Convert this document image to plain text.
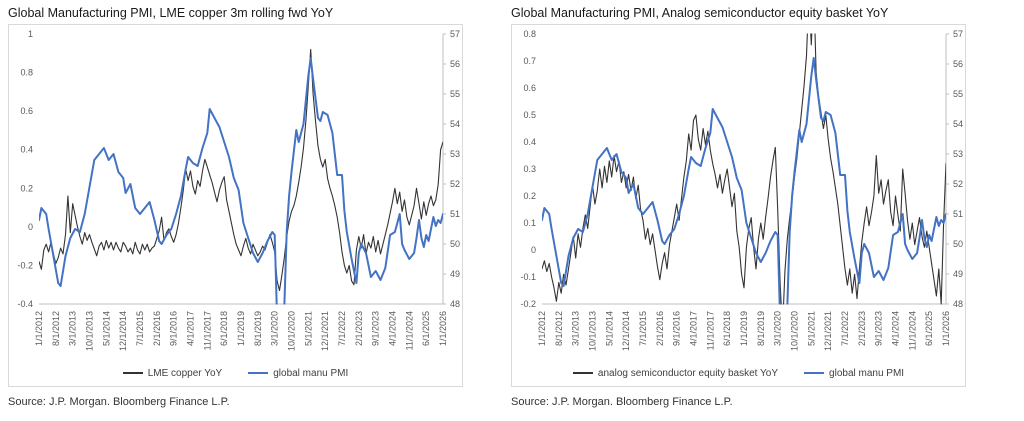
Global Manufacturing PMI, LME copper 3m rolling fwd YoY
1
0.8
0.6
0.4
0.2
0
-0.2
-0.4
57
56
55
54
53
52
51
50
49
48
1/1/2012 8/1/2012 3/1/2013 10/1/2013 5/1/2014 12/1/2014 7/1/2015 2/1/2016 9/1/2016 4/1/2017 11/1/2017 6/1/2018 1/1/2019 8/1/2019 3/1/2020 10/1/2020 5/1/2021 12/1/2021 7/1/2022 2/1/2023 9/1/2023 4/1/2024 11/1/2024 6/1/2025 1/1/2026
LME copper YoY	global manu PMI
Source: J.P. Morgan. Bloomberg Finance L.P.
Global Manufacturing PMI, Analog semiconductor equity basket YoY
0.8
0.7
0.6
0.5
0.4
0.3
0.2
0.1
0
-0.1
-0.2
57
56
55
54
53
52
51
50
49
48
1/1/2012 8/1/2012 3/1/2013 10/1/2013 5/1/2014 12/1/2014 7/1/2015 2/1/2016 9/1/2016 4/1/2017 11/1/2017 6/1/2018 1/1/2019 8/1/2019 3/1/2020 10/1/2020 5/1/2021 12/1/2021 7/1/2022 2/1/2023 9/1/2023 4/1/2024 11/1/2024 6/1/2025 1/1/2026
analog semiconductor equity basket YoY	global manu PMI
Source: J.P. Morgan. Bloomberg Finance L.P.
